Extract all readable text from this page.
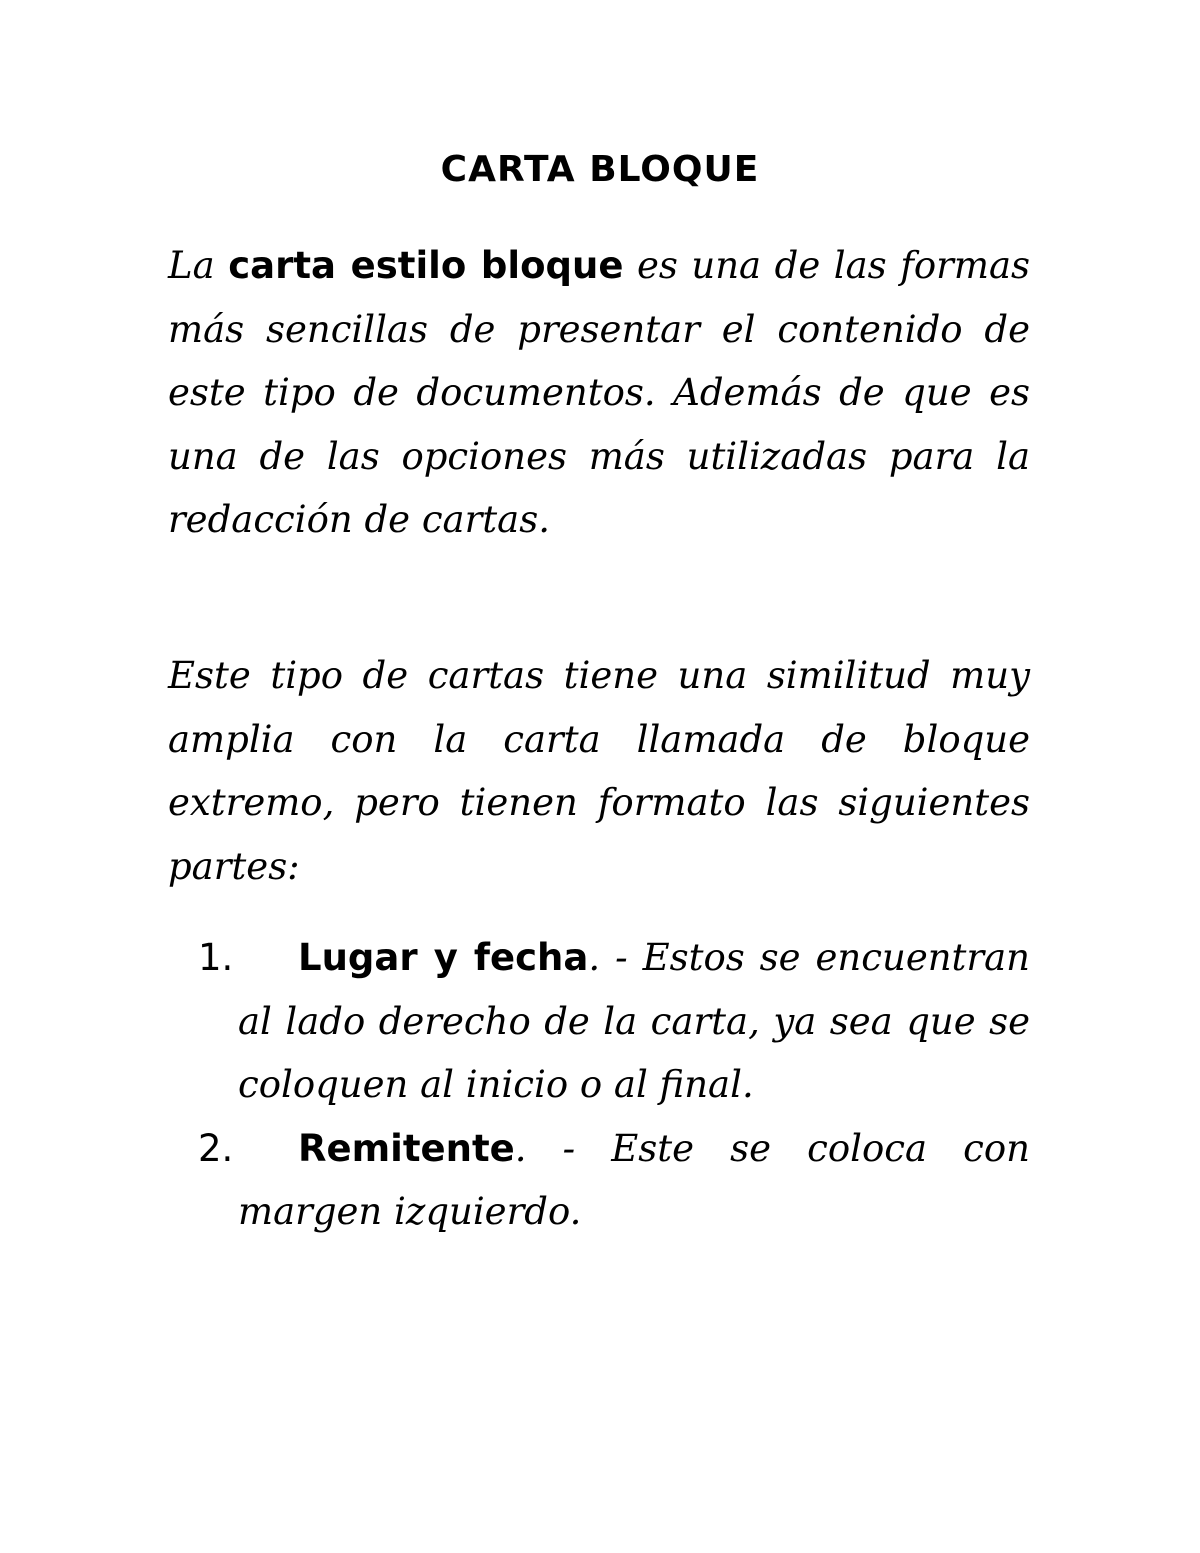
CARTA BLOQUE

La carta estilo bloque es una de las formas más sencillas de presentar el contenido de este tipo de documentos. Además de que es una de las opciones más utilizadas para la redacción de cartas.

Este tipo de cartas tiene una similitud muy amplia con la carta llamada de bloque extremo, pero tienen formato las siguientes partes:

1. Lugar y fecha. - Estos se encuentran al lado derecho de la carta, ya sea que se coloquen al inicio o al final.
2. Remitente. - Este se coloca con margen izquierdo.
